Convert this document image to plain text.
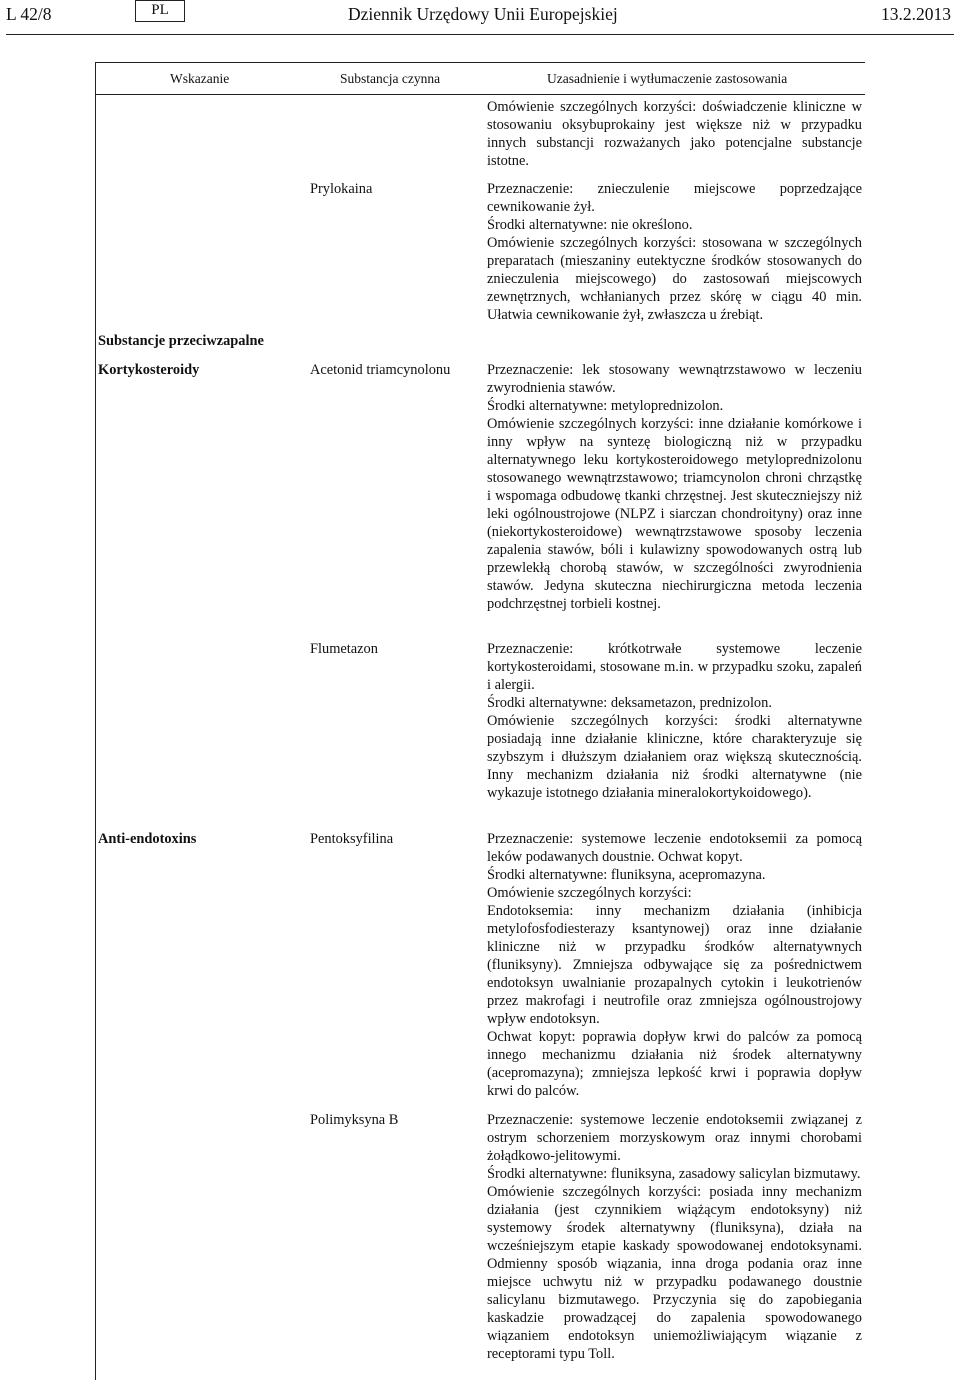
L 42/8	PL	Dziennik Urzędowy Unii Europejskiej	13.2.2013
Wskazanie	Substancja czynna	Uzasadnienie i wytłumaczenie zastosowania

Omówienie szczególnych korzyści: doświadczenie kliniczne w stosowaniu oksybuprokainy jest większe niż w przypadku innych substancji rozważanych jako potencjalne substancje istotne.

Prylokaina	Przeznaczenie: znieczulenie miejscowe poprzedzające cewnikowanie żył.

Środki alternatywne: nie określono.

Omówienie szczególnych korzyści: stosowana w szczególnych preparatach (mieszaniny eutektyczne środków stosowanych do znieczulenia miejscowego) do zastosowań miejscowych zewnętrznych, wchłanianych przez skórę w ciągu 40 min. Ułatwia cewnikowanie żył, zwłaszcza u źrebiąt.

Substancje przeciwzapalne
Kortykosteroidy	Acetonid triamcynolonu	Przeznaczenie: lek stosowany wewnątrzstawowo w leczeniu zwyrodnienia stawów.

Środki alternatywne: metyloprednizolon.

Omówienie szczególnych korzyści: inne działanie komórkowe i inny wpływ na syntezę biologiczną niż w przypadku alternatywnego leku kortykosteroidowego metyloprednizolonu stosowanego wewnątrzstawowo; triamcynolon chroni chrząstkę i wspomaga odbudowę tkanki chrzęstnej. Jest skuteczniejszy niż leki ogólnoustrojowe (NLPZ i siarczan chondroityny) oraz inne (niekortykosteroidowe) wewnątrzstawowe sposoby leczenia zapalenia stawów, bóli i kulawizny spowodowanych ostrą lub przewlekłą chorobą stawów, w szczególności zwyrodnienia stawów. Jedyna skuteczna niechirurgiczna metoda leczenia podchrzęstnej torbieli kostnej.

Flumetazon	Przeznaczenie: krótkotrwałe systemowe leczenie kortykosteroidami, stosowane m.in. w przypadku szoku, zapaleń i alergii.

Środki alternatywne: deksametazon, prednizolon.

Omówienie szczególnych korzyści: środki alternatywne posiadają inne działanie kliniczne, które charakteryzuje się szybszym i dłuższym działaniem oraz większą skutecznością. Inny mechanizm działania niż środki alternatywne (nie wykazuje istotnego działania mineralokortykoidowego).

Anti-endotoxins	Pentoksyfilina	Przeznaczenie: systemowe leczenie endotoksemii za pomocą leków podawanych doustnie. Ochwat kopyt.

Środki alternatywne: fluniksyna, acepromazyna.

Omówienie szczególnych korzyści:

Endotoksemia: inny mechanizm działania (inhibicja metylofosfodiesterazy ksantynowej) oraz inne działanie kliniczne niż w przypadku środków alternatywnych (fluniksyny). Zmniejsza odbywające się za pośrednictwem endotoksyn uwalnianie prozapalnych cytokin i leukotrienów przez makrofagi i neutrofile oraz zmniejsza ogólnoustrojowy wpływ endotoksyn.

Ochwat kopyt: poprawia dopływ krwi do palców za pomocą innego mechanizmu działania niż środek alternatywny (acepromazyna); zmniejsza lepkość krwi i poprawia dopływ krwi do palców.

Polimyksyna B	Przeznaczenie: systemowe leczenie endotoksemii związanej z ostrym schorzeniem morzyskowym oraz innymi chorobami żołądkowo-jelitowymi.

Środki alternatywne: fluniksyna, zasadowy salicylan bizmutawy.

Omówienie szczególnych korzyści: posiada inny mechanizm działania (jest czynnikiem wiążącym endotoksyny) niż systemowy środek alternatywny (fluniksyna), działa na wcześniejszym etapie kaskady spowodowanej endotoksynami. Odmienny sposób wiązania, inna droga podania oraz inne miejsce uchwytu niż w przypadku podawanego doustnie salicylanu bizmutawego. Przyczynia się do zapobiegania kaskadzie prowadzącej do zapalenia spowodowanego wiązaniem endotoksyn uniemożliwiającym wiązanie z receptorami typu Toll.
